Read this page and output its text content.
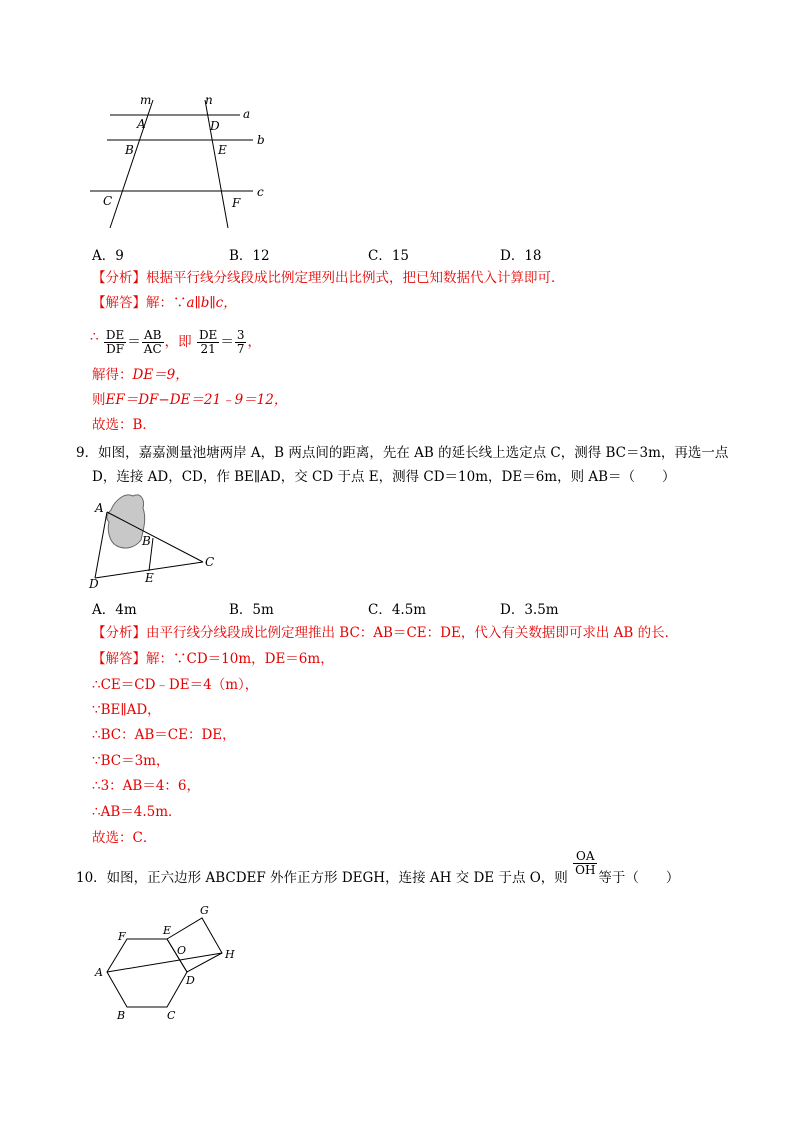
m	n
a
b
c
A
B
C
D
E
F
A．9	B．12	C．15	D．18
【分析】根据平行线分线段成比例定理列出比例式，把已知数据代入计算即可．
【解答】解：∵a∥b∥c，
∴ $\frac{DE}{DF} = \frac{AB}{AC}$ ，即 $\frac{DE}{21} = \frac{3}{7}$ ，
解得：DE＝9，
则EF＝DF−DE＝21﹣9＝12，
故选：B．
9．如图，嘉嘉测量池塘两岸 A，B 两点间的距离，先在 AB 的延长线上选定点 C，测得 BC＝3m，再选一点
D，连接 AD，CD，作 BE∥AD，交 CD 于点 E，测得 CD＝10m，DE＝6m，则 AB＝（　　）
A
B
C
D	E
A．4m	B．5m	C．4.5m	D．3.5m
【分析】由平行线分线段成比例定理推出 BC：AB＝CE：DE，代入有关数据即可求出 AB 的长．
【解答】解：∵CD＝10m，DE＝6m，
∴CE＝CD﹣DE＝4（m），
∵BE∥AD，
∴BC：AB＝CE：DE，
∵BC＝3m，
∴3：AB＝4：6，
∴AB＝4.5m．
故选：C．
10．如图，正六边形 ABCDEF 外作正方形 DEGH，连接 AH 交 DE 于点 O，则
$\frac{OA}{OH}$
等于（　　）
F	E
G
O	H
A
D
B	C
